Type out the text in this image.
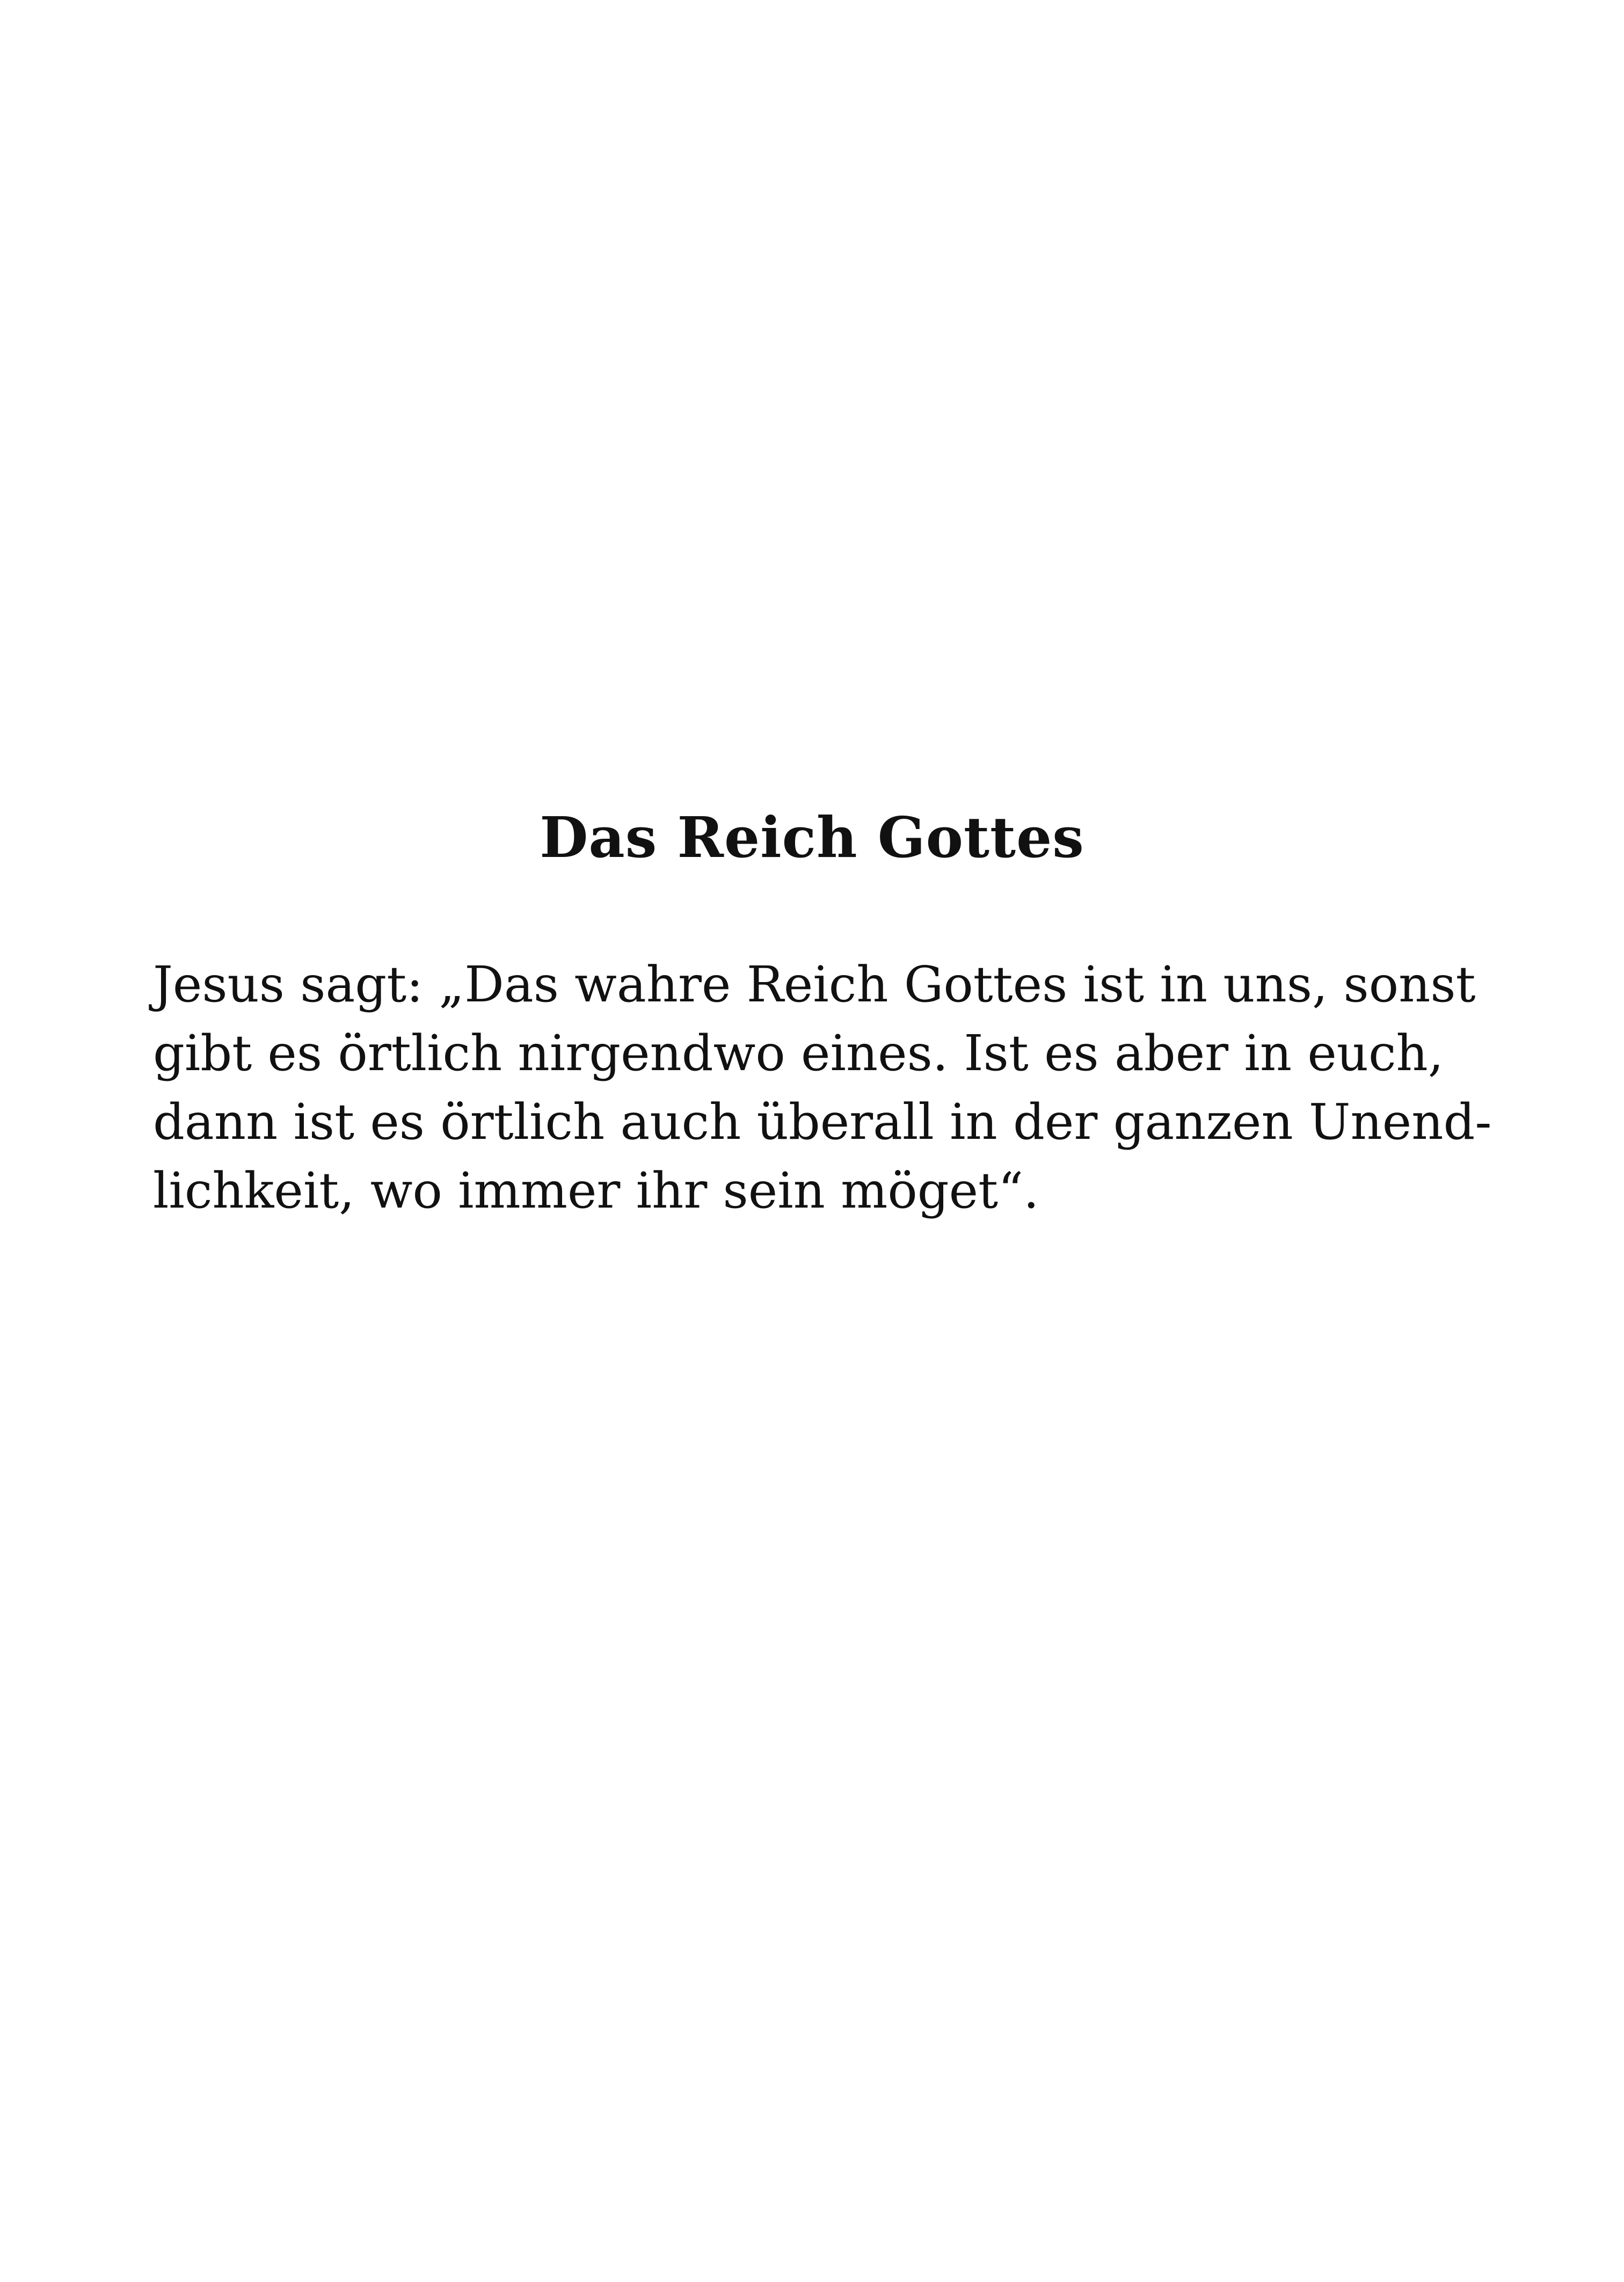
Das Reich Gottes

Jesus sagt: „Das wahre Reich Gottes ist in uns, sonst
gibt es örtlich nirgendwo eines. Ist es aber in euch,
dann ist es örtlich auch überall in der ganzen Unend-
lichkeit, wo immer ihr sein möget“.
